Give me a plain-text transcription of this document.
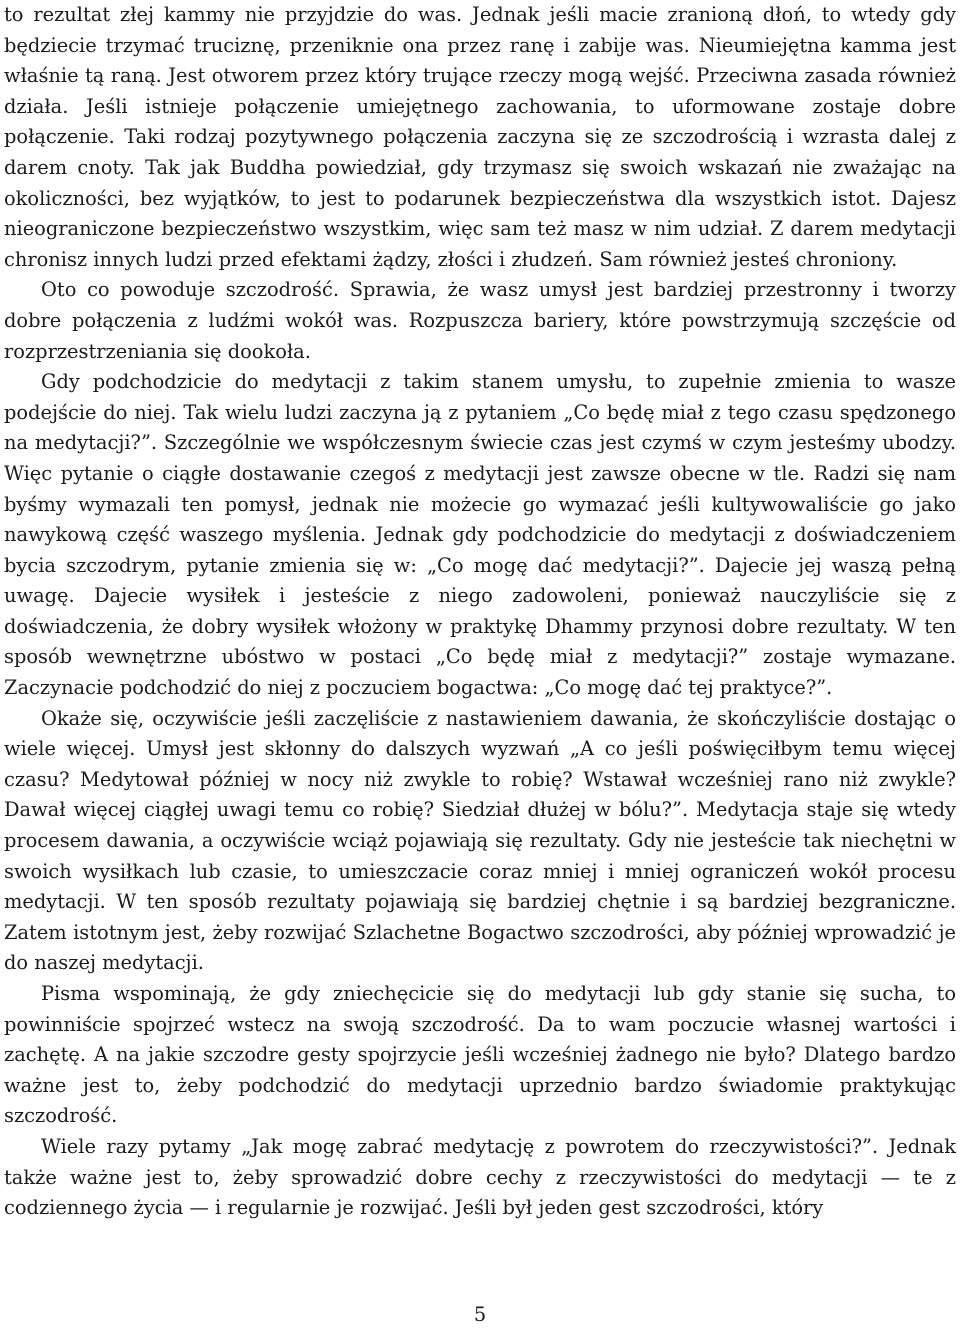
to rezultat złej kammy nie przyjdzie do was. Jednak jeśli macie zranioną dłoń, to wtedy gdy będziecie trzymać truciznę, przeniknie ona przez ranę i zabije was. Nieumiejętna kamma jest właśnie tą raną. Jest otworem przez który trujące rzeczy mogą wejść. Przeciwna zasada również działa. Jeśli istnieje połączenie umiejętnego zachowania, to uformowane zostaje dobre połączenie. Taki rodzaj pozytywnego połączenia zaczyna się ze szczodrością i wzrasta dalej z darem cnoty. Tak jak Buddha powiedział, gdy trzymasz się swoich wskazań nie zważając na okoliczności, bez wyjątków, to jest to podarunek bezpieczeństwa dla wszystkich istot. Dajesz nieograniczone bezpieczeństwo wszystkim, więc sam też masz w nim udział. Z darem medytacji chronisz innych ludzi przed efektami żądzy, złości i złudzeń. Sam również jesteś chroniony.

Oto co powoduje szczodrość. Sprawia, że wasz umysł jest bardziej przestronny i tworzy dobre połączenia z ludźmi wokół was. Rozpuszcza bariery, które powstrzymują szczęście od rozprzestrzeniania się dookoła.

Gdy podchodzicie do medytacji z takim stanem umysłu, to zupełnie zmienia to wasze podejście do niej. Tak wielu ludzi zaczyna ją z pytaniem „Co będę miał z tego czasu spędzonego na medytacji?”. Szczególnie we współczesnym świecie czas jest czymś w czym jesteśmy ubodzy. Więc pytanie o ciągłe dostawanie czegoś z medytacji jest zawsze obecne w tle. Radzi się nam byśmy wymazali ten pomysł, jednak nie możecie go wymazać jeśli kultywowaliście go jako nawykową część waszego myślenia. Jednak gdy podchodzicie do medytacji z doświadczeniem bycia szczodrym, pytanie zmienia się w: „Co mogę dać medytacji?”. Dajecie jej waszą pełną uwagę. Dajecie wysiłek i jesteście z niego zadowoleni, ponieważ nauczyliście się z doświadczenia, że dobry wysiłek włożony w praktykę Dhammy przynosi dobre rezultaty. W ten sposób wewnętrzne ubóstwo w postaci „Co będę miał z medytacji?” zostaje wymazane. Zaczynacie podchodzić do niej z poczuciem bogactwa: „Co mogę dać tej praktyce?”.

Okaże się, oczywiście jeśli zaczęliście z nastawieniem dawania, że skończyliście dostając o wiele więcej. Umysł jest skłonny do dalszych wyzwań „A co jeśli poświęciłbym temu więcej czasu? Medytował później w nocy niż zwykle to robię? Wstawał wcześniej rano niż zwykle? Dawał więcej ciągłej uwagi temu co robię? Siedział dłużej w bólu?”. Medytacja staje się wtedy procesem dawania, a oczywiście wciąż pojawiają się rezultaty. Gdy nie jesteście tak niechętni w swoich wysiłkach lub czasie, to umieszczacie coraz mniej i mniej ograniczeń wokół procesu medytacji. W ten sposób rezultaty pojawiają się bardziej chętnie i są bardziej bezgraniczne. Zatem istotnym jest, żeby rozwijać Szlachetne Bogactwo szczodrości, aby później wprowadzić je do naszej medytacji.

Pisma wspominają, że gdy zniechęcicie się do medytacji lub gdy stanie się sucha, to powinniście spojrzeć wstecz na swoją szczodrość. Da to wam poczucie własnej wartości i zachętę. A na jakie szczodre gesty spojrzycie jeśli wcześniej żadnego nie było? Dlatego bardzo ważne jest to, żeby podchodzić do medytacji uprzednio bardzo świadomie praktykując szczodrość.

Wiele razy pytamy „Jak mogę zabrać medytację z powrotem do rzeczywistości?”. Jednak także ważne jest to, żeby sprowadzić dobre cechy z rzeczywistości do medytacji — te z codziennego życia — i regularnie je rozwijać. Jeśli był jeden gest szczodrości, który

5
